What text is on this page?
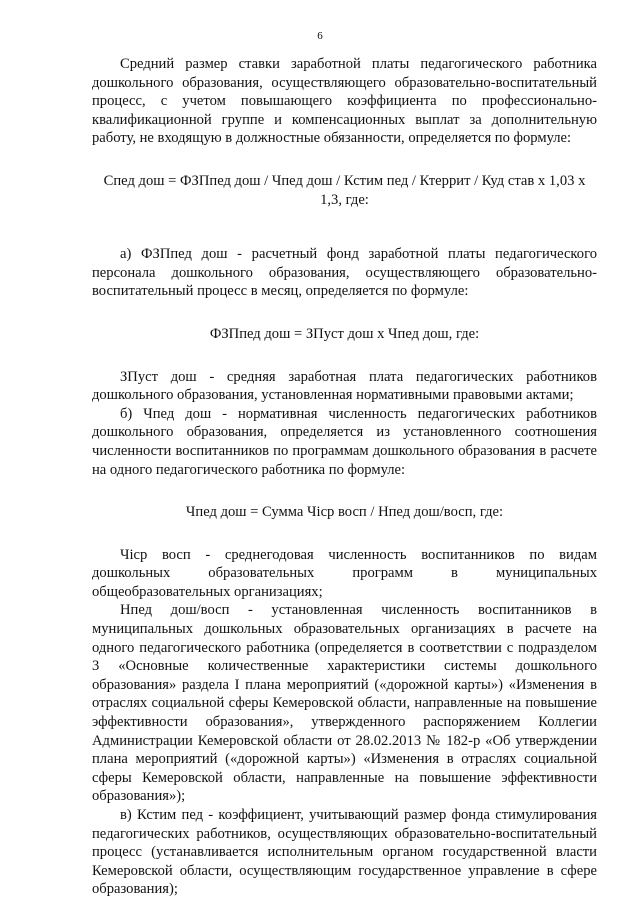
6

Средний размер ставки заработной платы педагогического работника дошкольного образования, осуществляющего образовательно-воспитательный процесс, с учетом повышающего коэффициента по профессионально-квалификационной группе и компенсационных выплат за дополнительную работу, не входящую в должностные обязанности, определяется по формуле:

Спед дош = ФЗПпед дош / Чпед дош / Кстим пед / Ктеррит / Куд став х 1,03 х 1,3, где:

а) ФЗПпед дош - расчетный фонд заработной платы педагогического персонала дошкольного образования, осуществляющего образовательно-воспитательный процесс в месяц, определяется по формуле:

ФЗПпед дош = ЗПуст дош х Чпед дош, где:

ЗПуст дош - средняя заработная плата педагогических работников дошкольного образования, установленная нормативными правовыми актами;

б) Чпед дош - нормативная численность педагогических работников дошкольного образования, определяется из установленного соотношения численности воспитанников по программам дошкольного образования в расчете на одного педагогического работника по формуле:

Чпед дош = Сумма Чiср восп / Нпед дош/восп, где:

Чiср восп - среднегодовая численность воспитанников по видам дошкольных образовательных программ в муниципальных общеобразовательных организациях;

Нпед дош/восп - установленная численность воспитанников в муниципальных дошкольных образовательных организациях в расчете на одного педагогического работника (определяется в соответствии с подразделом 3 «Основные количественные характеристики системы дошкольного образования» раздела I плана мероприятий («дорожной карты») «Изменения в отраслях социальной сферы Кемеровской области, направленные на повышение эффективности образования», утвержденного распоряжением Коллегии Администрации Кемеровской области от 28.02.2013 № 182-р «Об утверждении плана мероприятий («дорожной карты») «Изменения в отраслях социальной сферы Кемеровской области, направленные на повышение эффективности образования»);

в) Кстим пед - коэффициент, учитывающий размер фонда стимулирования педагогических работников, осуществляющих образовательно-воспитательный процесс (устанавливается исполнительным органом государственной власти Кемеровской области, осуществляющим государственное управление в сфере образования);
